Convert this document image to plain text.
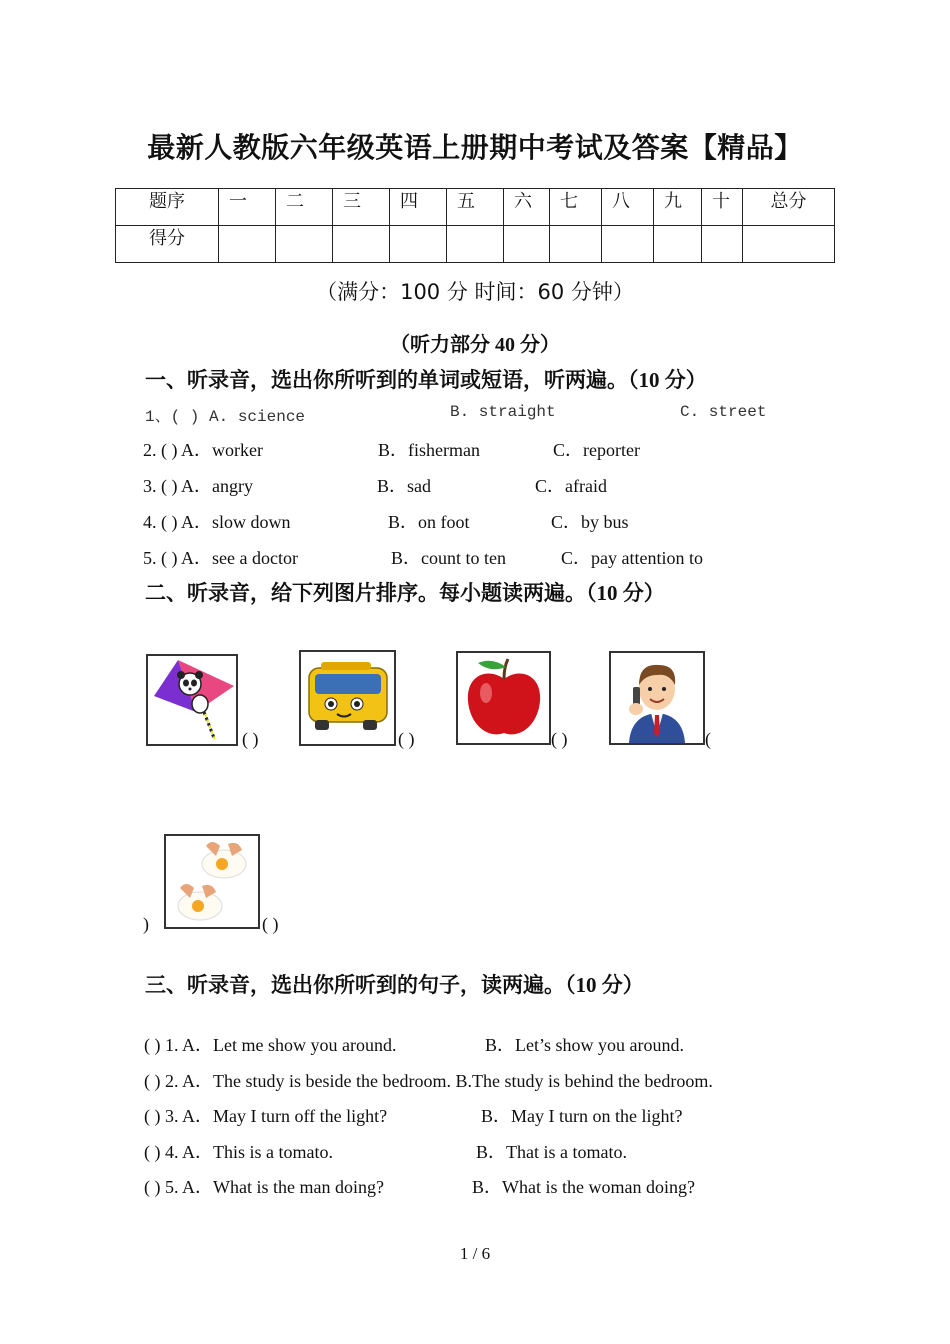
最新人教版六年级英语上册期中考试及答案【精品】
题序	一	二	三	四	五	六	七	八	九	十	总分
得分											
（满分：100 分 时间：60 分钟）
（听力部分 40 分）
一、听录音，选出你所听到的单词或短语，听两遍。（10 分）
1、( ) A. science	B. straight	C. street
2. ( ) A．worker	B．fisherman	C．reporter
3. ( ) A．angry	B．sad	C．afraid
4. ( ) A．slow down	B．on foot	C．by bus
5. ( ) A．see a doctor	B．count to ten	C．pay attention to
二、听录音，给下列图片排序。每小题读两遍。（10 分）
( )	( )	( )	(
)	( )
三、听录音，选出你所听到的句子，读两遍。（10 分）
( ) 1. A．Let me show you around.	B．Let’s show you around.
( ) 2. A．The study is beside the bedroom. B.The study is behind the bedroom.
( ) 3. A．May I turn off the light?	B．May I turn on the light?
( ) 4. A．This is a tomato.	B．That is a tomato.
( ) 5. A．What is the man doing?	B．What is the woman doing?
1 / 6
